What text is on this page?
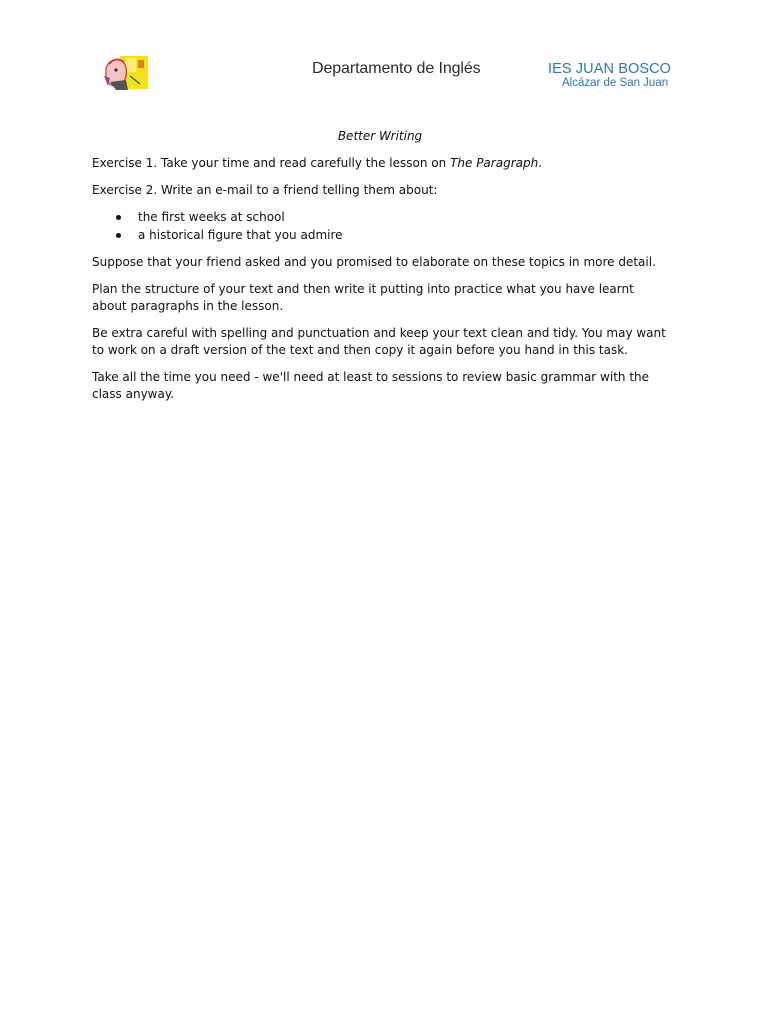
Departamento de Inglés	IES JUAN BOSCO
Alcázar de San Juan
Better Writing

Exercise 1. Take your time and read carefully the lesson on The Paragraph.

Exercise 2. Write an e-mail to a friend telling them about:

the first weeks at school
a historical figure that you admire

Suppose that your friend asked and you promised to elaborate on these topics in more detail.

Plan the structure of your text and then write it putting into practice what you have learnt about paragraphs in the lesson.

Be extra careful with spelling and punctuation and keep your text clean and tidy. You may want to work on a draft version of the text and then copy it again before you hand in this task.

Take all the time you need - we'll need at least to sessions to review basic grammar with the class anyway.
